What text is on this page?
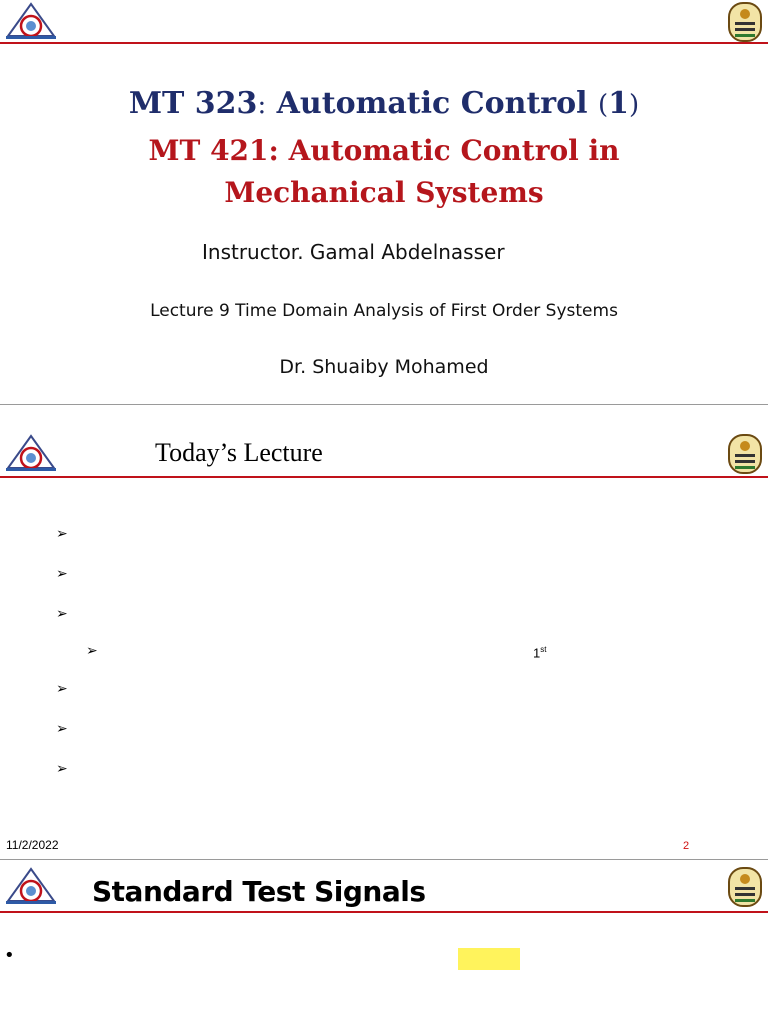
MT 323: Automatic Control (1)
MT 421: Automatic Control in
Mechanical Systems
Instructor. Gamal Abdelnasser
Lecture 9 Time Domain Analysis of First Order Systems
Dr. Shuaiby Mohamed
Today’s Lecture
➢
➢
➢
➢	1st
➢
➢
➢
11/2/2022	2
Standard Test Signals
•
